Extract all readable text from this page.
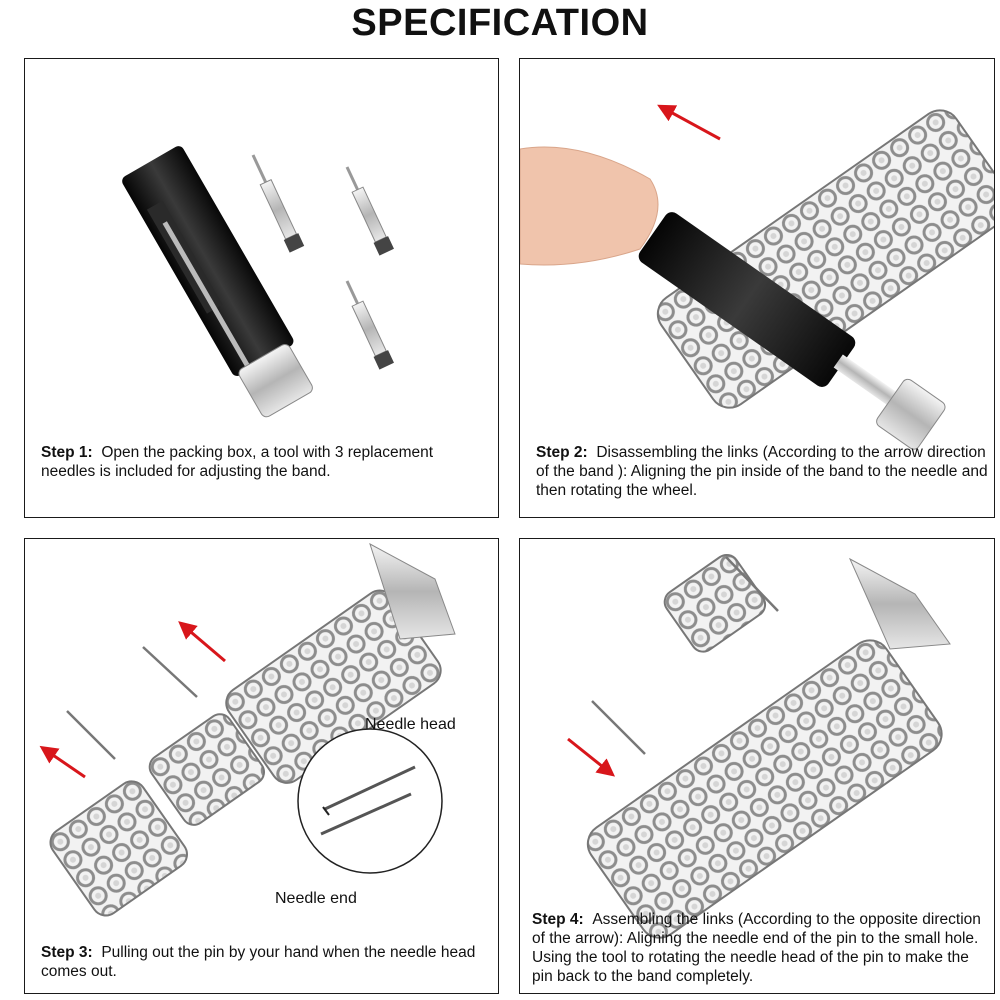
SPECIFICATION
Step 1: Open the packing box, a tool with 3 replacement needles is included for adjusting the band.
Step 2: Disassembling the links (According to the arrow direction of the band ): Aligning the pin inside of the band to the needle and then rotating the wheel.
Needle head
Needle end
Step 3: Pulling out the pin by your hand when the needle head comes out.
Step 4: Assembling the links (According to the opposite direction of the arrow): Aligning the needle end of the pin to the small hole. Using the tool to rotating the needle head of the pin to make the pin back to the band completely.
